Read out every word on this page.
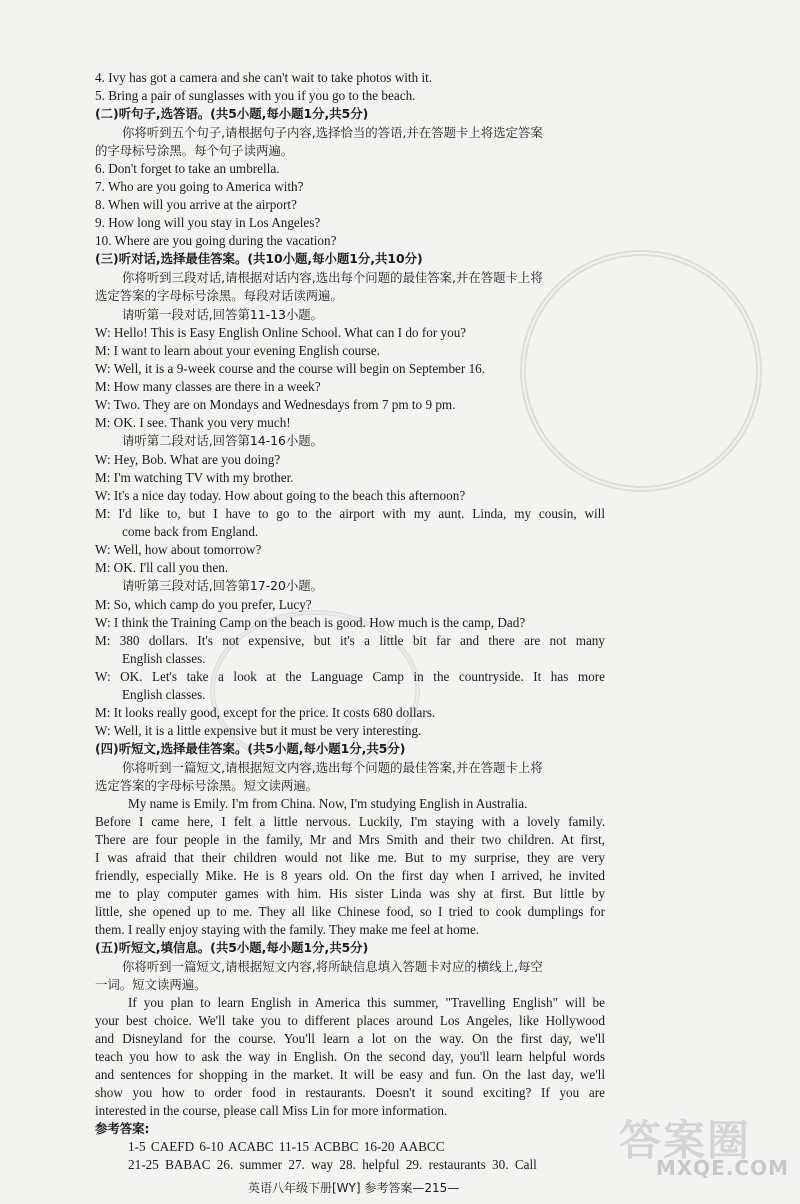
4. Ivy has got a camera and she can't wait to take photos with it.
5. Bring a pair of sunglasses with you if you go to the beach.
(二)听句子,选答语。(共5小题,每小题1分,共5分)
你将听到五个句子,请根据句子内容,选择恰当的答语,并在答题卡上将选定答案
的字母标号涂黑。每个句子读两遍。
6. Don't forget to take an umbrella.
7. Who are you going to America with?
8. When will you arrive at the airport?
9. How long will you stay in Los Angeles?
10. Where are you going during the vacation?
(三)听对话,选择最佳答案。(共10小题,每小题1分,共10分)
你将听到三段对话,请根据对话内容,选出每个问题的最佳答案,并在答题卡上将
选定答案的字母标号涂黑。每段对话读两遍。
请听第一段对话,回答第11-13小题。
W: Hello! This is Easy English Online School. What can I do for you?
M: I want to learn about your evening English course.
W: Well, it is a 9-week course and the course will begin on September 16.
M: How many classes are there in a week?
W: Two. They are on Mondays and Wednesdays from 7 pm to 9 pm.
M: OK. I see. Thank you very much!
请听第二段对话,回答第14-16小题。
W: Hey, Bob. What are you doing?
M: I'm watching TV with my brother.
W: It's a nice day today. How about going to the beach this afternoon?
M: I'd like to, but I have to go to the airport with my aunt. Linda, my cousin, will
come back from England.
W: Well, how about tomorrow?
M: OK. I'll call you then.
请听第三段对话,回答第17-20小题。
M: So, which camp do you prefer, Lucy?
W: I think the Training Camp on the beach is good. How much is the camp, Dad?
M: 380 dollars. It's not expensive, but it's a little bit far and there are not many
English classes.
W: OK. Let's take a look at the Language Camp in the countryside. It has more
English classes.
M: It looks really good, except for the price. It costs 680 dollars.
W: Well, it is a little expensive but it must be very interesting.
(四)听短文,选择最佳答案。(共5小题,每小题1分,共5分)
你将听到一篇短文,请根据短文内容,选出每个问题的最佳答案,并在答题卡上将
选定答案的字母标号涂黑。短文读两遍。
My name is Emily. I'm from China. Now, I'm studying English in Australia.
Before I came here, I felt a little nervous. Luckily, I'm staying with a lovely family.
There are four people in the family, Mr and Mrs Smith and their two children. At first,
I was afraid that their children would not like me. But to my surprise, they are very
friendly, especially Mike. He is 8 years old. On the first day when I arrived, he invited
me to play computer games with him. His sister Linda was shy at first. But little by
little, she opened up to me. They all like Chinese food, so I tried to cook dumplings for
them. I really enjoy staying with the family. They make me feel at home.
(五)听短文,填信息。(共5小题,每小题1分,共5分)
你将听到一篇短文,请根据短文内容,将所缺信息填入答题卡对应的横线上,每空
一词。短文读两遍。
If you plan to learn English in America this summer, "Travelling English" will be
your best choice. We'll take you to different places around Los Angeles, like Hollywood
and Disneyland for the course. You'll learn a lot on the way. On the first day, we'll
teach you how to ask the way in English. On the second day, you'll learn helpful words
and sentences for shopping in the market. It will be easy and fun. On the last day, we'll
show you how to order food in restaurants. Doesn't it sound exciting? If you are
interested in the course, please call Miss Lin for more information.
参考答案:
1-5 CAEFD 6-10 ACABC 11-15 ACBBC 16-20 AABCC
21-25 BABAC 26. summer 27. way 28. helpful 29. restaurants 30. Call
英语八年级下册[WY] 参考答案—215—
答案圈
MXQE.COM
